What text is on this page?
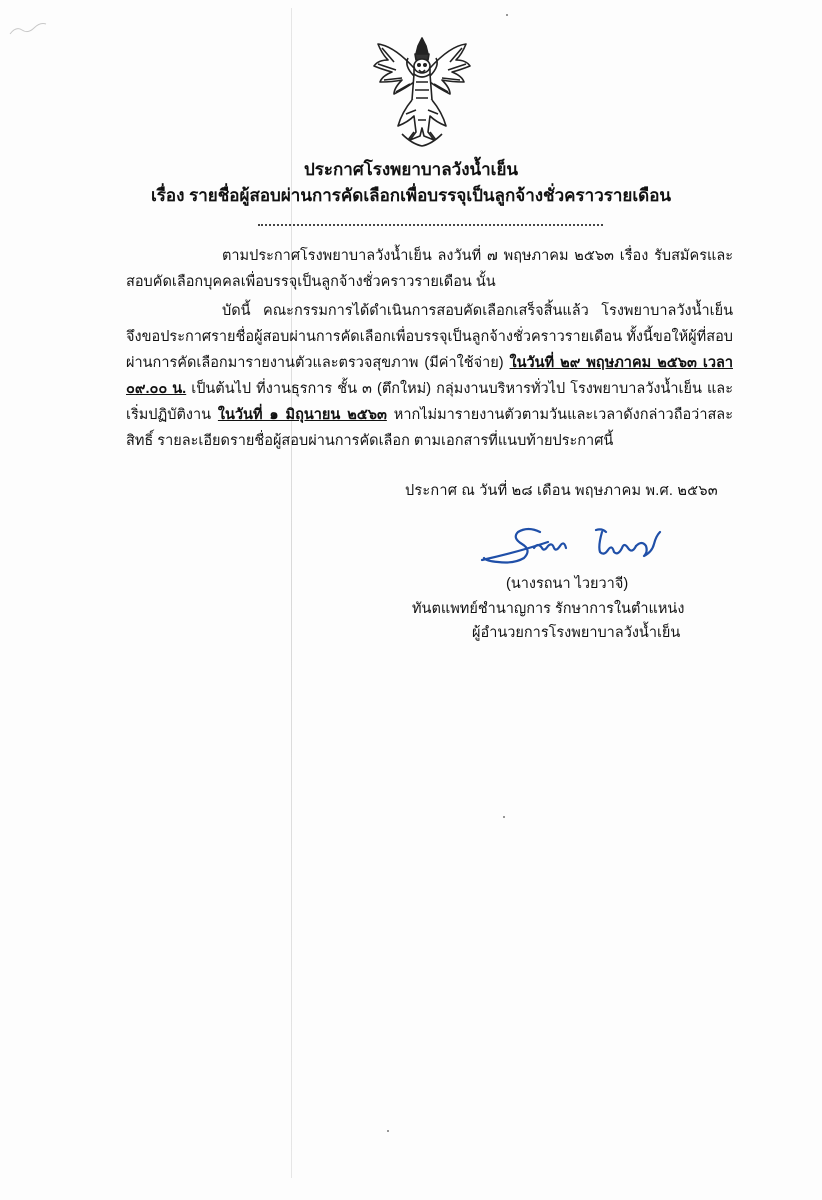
ประกาศโรงพยาบาลวังน้ำเย็น
เรื่อง รายชื่อผู้สอบผ่านการคัดเลือกเพื่อบรรจุเป็นลูกจ้างชั่วคราวรายเดือน
ตามประกาศโรงพยาบาลวังน้ำเย็น ลงวันที่ ๗ พฤษภาคม ๒๕๖๓ เรื่อง รับสมัครและสอบคัดเลือกบุคคลเพื่อบรรจุเป็นลูกจ้างชั่วคราวรายเดือน นั้น
บัดนี้ คณะกรรมการได้ดำเนินการสอบคัดเลือกเสร็จสิ้นแล้ว โรงพยาบาลวังน้ำเย็น จึงขอประกาศรายชื่อผู้สอบผ่านการคัดเลือกเพื่อบรรจุเป็นลูกจ้างชั่วคราวรายเดือน ทั้งนี้ขอให้ผู้ที่สอบผ่านการคัดเลือกมารายงานตัวและตรวจสุขภาพ (มีค่าใช้จ่าย) ในวันที่ ๒๙ พฤษภาคม ๒๕๖๓ เวลา ๐๙.๐๐ น. เป็นต้นไป ที่งานธุรการ ชั้น ๓ (ตึกใหม่) กลุ่มงานบริหารทั่วไป โรงพยาบาลวังน้ำเย็น และเริ่มปฏิบัติงาน ในวันที่ ๑ มิถุนายน ๒๕๖๓ หากไม่มารายงานตัวตามวันและเวลาดังกล่าวถือว่าสละสิทธิ์ รายละเอียดรายชื่อผู้สอบผ่านการคัดเลือก ตามเอกสารที่แนบท้ายประกาศนี้
ประกาศ ณ วันที่ ๒๘ เดือน พฤษภาคม พ.ศ. ๒๕๖๓
(นางรถนา ไวยวาจี)
ทันตแพทย์ชำนาญการ รักษาการในตำแหน่ง
ผู้อำนวยการโรงพยาบาลวังน้ำเย็น
